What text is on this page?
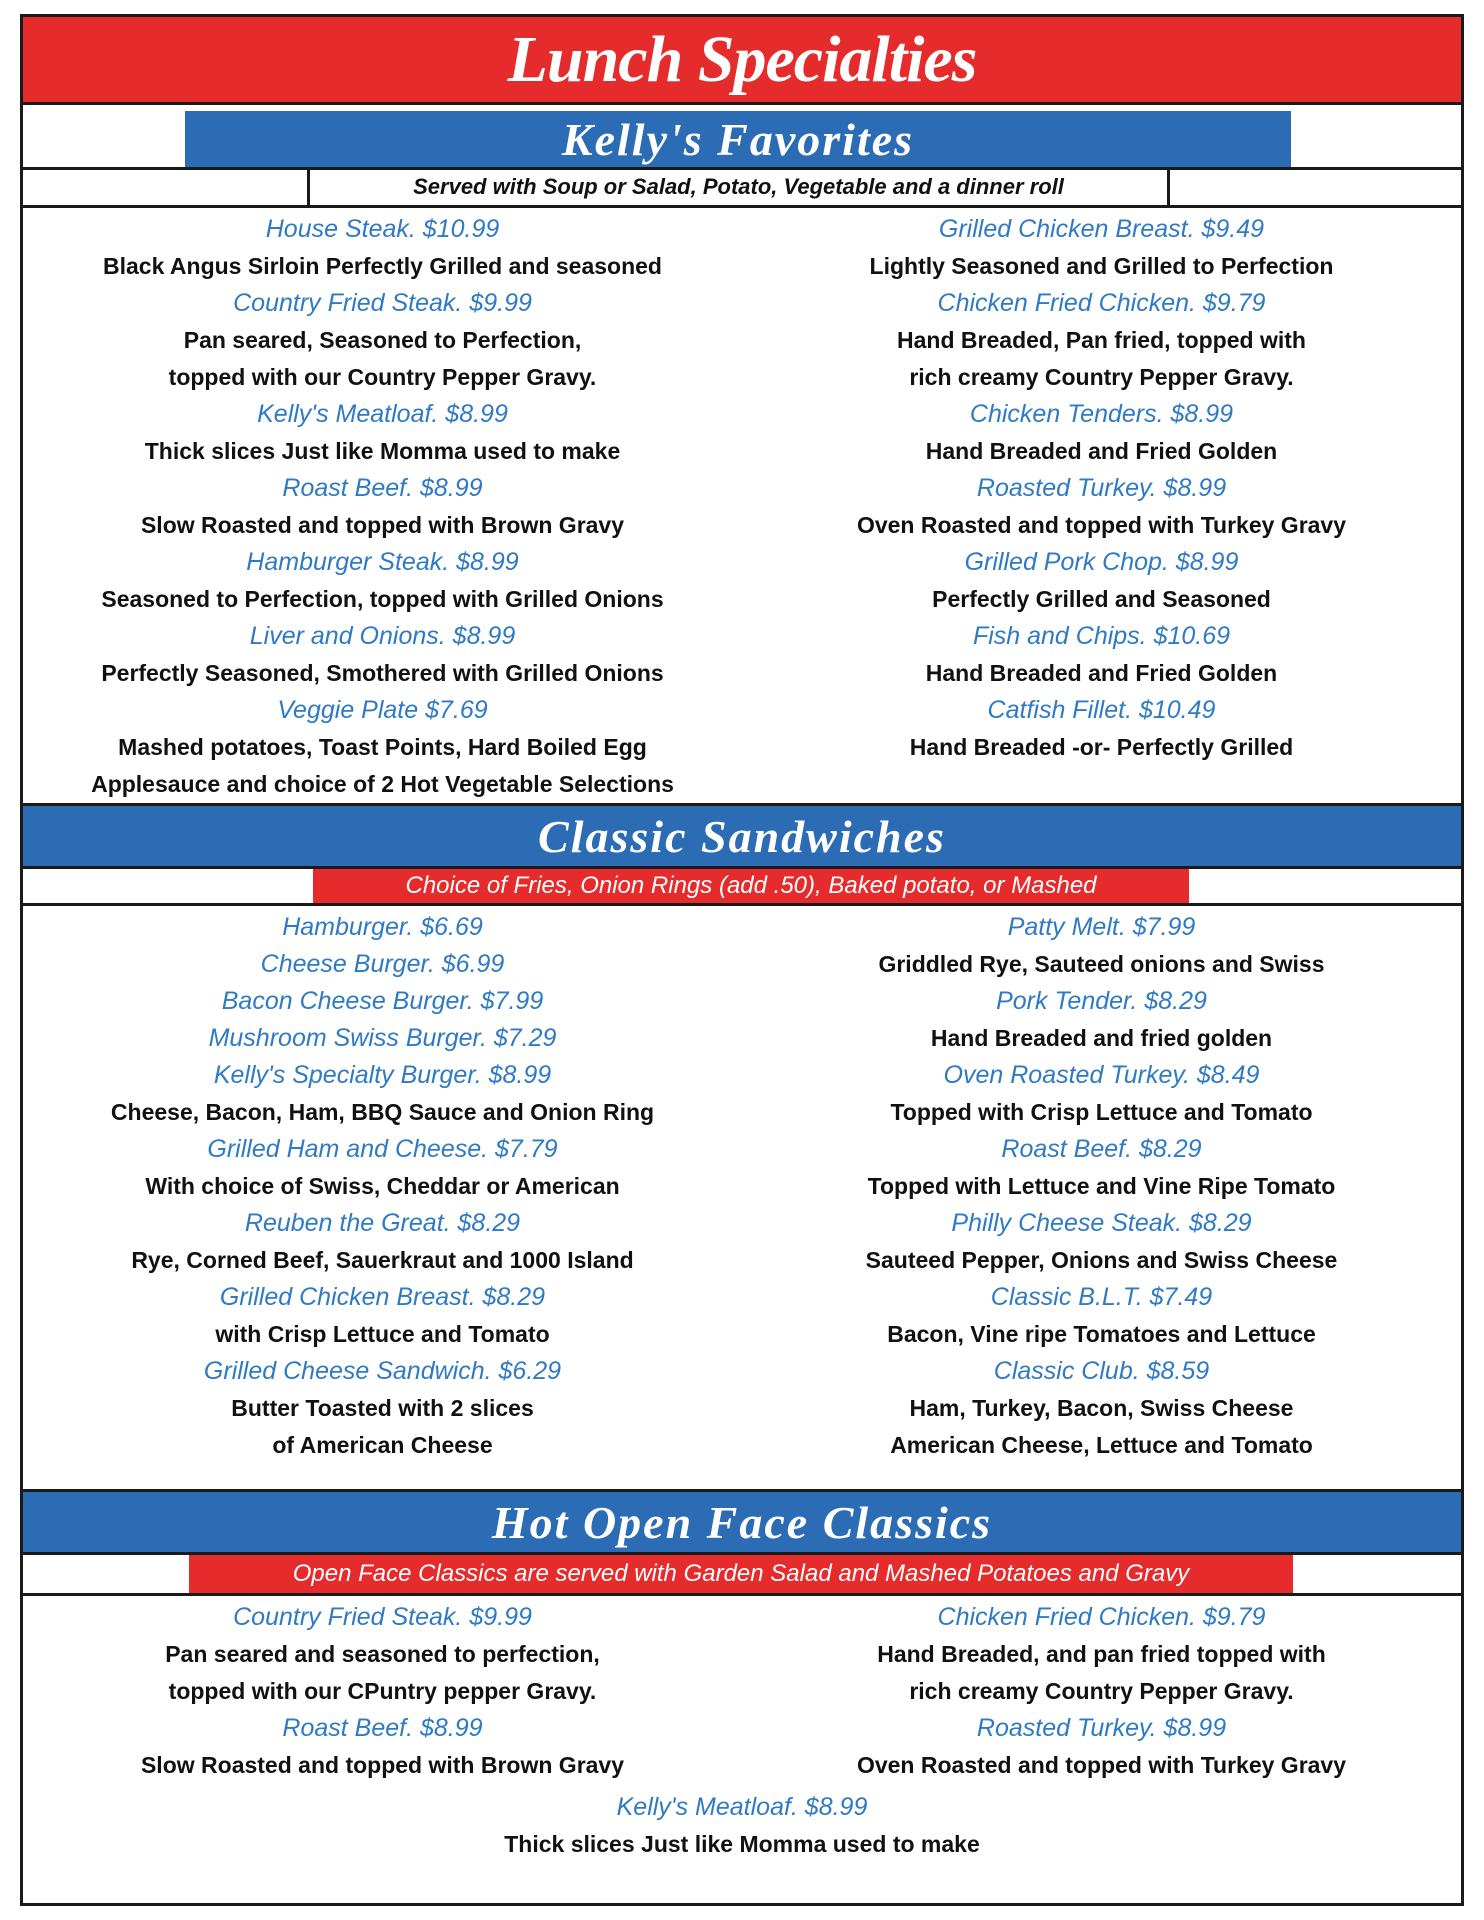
Lunch Specialties
Kelly's Favorites
Served with Soup or Salad, Potato, Vegetable and a dinner roll
House Steak. $10.99
Black Angus Sirloin Perfectly Grilled and seasoned
Country Fried Steak. $9.99
Pan seared, Seasoned to Perfection,
topped with our Country Pepper Gravy.
Kelly's Meatloaf. $8.99
Thick slices Just like Momma used to make
Roast Beef. $8.99
Slow Roasted and topped with Brown Gravy
Hamburger Steak. $8.99
Seasoned to Perfection, topped with Grilled Onions
Liver and Onions. $8.99
Perfectly Seasoned, Smothered with Grilled Onions
Veggie Plate $7.69
Mashed potatoes, Toast Points, Hard Boiled Egg
Applesauce and choice of 2 Hot Vegetable Selections
Grilled Chicken Breast. $9.49
Lightly Seasoned and Grilled to Perfection
Chicken Fried Chicken. $9.79
Hand Breaded, Pan fried, topped with
rich creamy Country Pepper Gravy.
Chicken Tenders. $8.99
Hand Breaded and Fried Golden
Roasted Turkey. $8.99
Oven Roasted and topped with Turkey Gravy
Grilled Pork Chop. $8.99
Perfectly Grilled and Seasoned
Fish and Chips. $10.69
Hand Breaded and Fried Golden
Catfish Fillet. $10.49
Hand Breaded -or- Perfectly Grilled
Classic Sandwiches
Choice of Fries, Onion Rings (add .50), Baked potato, or Mashed
Hamburger. $6.69
Cheese Burger. $6.99
Bacon Cheese Burger. $7.99
Mushroom Swiss Burger. $7.29
Kelly's Specialty Burger. $8.99
Cheese, Bacon, Ham, BBQ Sauce and Onion Ring
Grilled Ham and Cheese. $7.79
With choice of Swiss, Cheddar or American
Reuben the Great. $8.29
Rye, Corned Beef, Sauerkraut and 1000 Island
Grilled Chicken Breast. $8.29
with Crisp Lettuce and Tomato
Grilled Cheese Sandwich. $6.29
Butter Toasted with 2 slices
of American Cheese
Patty Melt. $7.99
Griddled Rye, Sauteed onions and Swiss
Pork Tender. $8.29
Hand Breaded and fried golden
Oven Roasted Turkey. $8.49
Topped with Crisp Lettuce and Tomato
Roast Beef. $8.29
Topped with Lettuce and Vine Ripe Tomato
Philly Cheese Steak. $8.29
Sauteed Pepper, Onions and Swiss Cheese
Classic B.L.T. $7.49
Bacon, Vine ripe Tomatoes and Lettuce
Classic Club. $8.59
Ham, Turkey, Bacon, Swiss Cheese
American Cheese, Lettuce and Tomato
Hot Open Face Classics
Open Face Classics are served with Garden Salad and Mashed Potatoes and Gravy
Country Fried Steak. $9.99
Pan seared and seasoned to perfection,
topped with our CPuntry pepper Gravy.
Roast Beef. $8.99
Slow Roasted and topped with Brown Gravy
Chicken Fried Chicken. $9.79
Hand Breaded, and pan fried topped with
rich creamy Country Pepper Gravy.
Roasted Turkey. $8.99
Oven Roasted and topped with Turkey Gravy
Kelly's Meatloaf. $8.99
Thick slices Just like Momma used to make
